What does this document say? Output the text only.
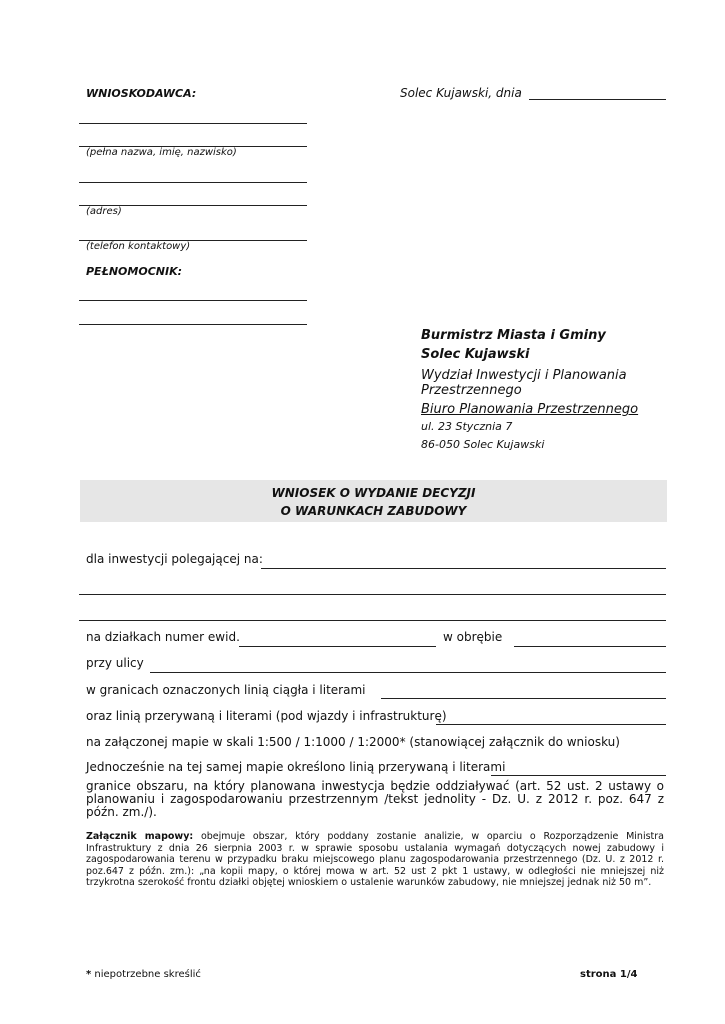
WNIOSKODAWCA:	Solec Kujawski, dnia
(pełna nazwa, imię, nazwisko)
(adres)
(telefon kontaktowy)
PEŁNOMOCNIK:
Burmistrz Miasta i Gminy
Solec Kujawski
Wydział Inwestycji i Planowania
Przestrzennego
Biuro Planowania Przestrzennego
ul. 23 Stycznia 7
86-050 Solec Kujawski
WNIOSEK O WYDANIE DECYZJI
O WARUNKACH ZABUDOWY
dla inwestycji polegającej na:
na działkach numer ewid.	w obrębie
przy ulicy
w granicach oznaczonych linią ciągła i literami
oraz linią przerywaną i literami (pod wjazdy i infrastrukturę)
na załączonej mapie w skali 1:500 / 1:1000 / 1:2000* (stanowiącej załącznik do wniosku)
Jednocześnie na tej samej mapie określono linią przerywaną i literami
granice obszaru, na który planowana inwestycja będzie oddziaływać (art. 52 ust. 2 ustawy o planowaniu i zagospodarowaniu przestrzennym /tekst jednolity - Dz. U. z 2012 r. poz. 647 z późn. zm./).
Załącznik mapowy: obejmuje obszar, który poddany zostanie analizie, w oparciu o Rozporządzenie Ministra Infrastruktury z dnia 26 sierpnia 2003 r. w sprawie sposobu ustalania wymagań dotyczących nowej zabudowy i zagospodarowania terenu w przypadku braku miejscowego planu zagospodarowania przestrzennego (Dz. U. z 2012 r. poz.647 z późn. zm.): „na kopii mapy, o której mowa w art. 52 ust 2 pkt 1 ustawy, w odległości nie mniejszej niż trzykrotna szerokość frontu działki objętej wnioskiem o ustalenie warunków zabudowy, nie mniejszej jednak niż 50 m”.
* niepotrzebne skreślić	strona 1/4
